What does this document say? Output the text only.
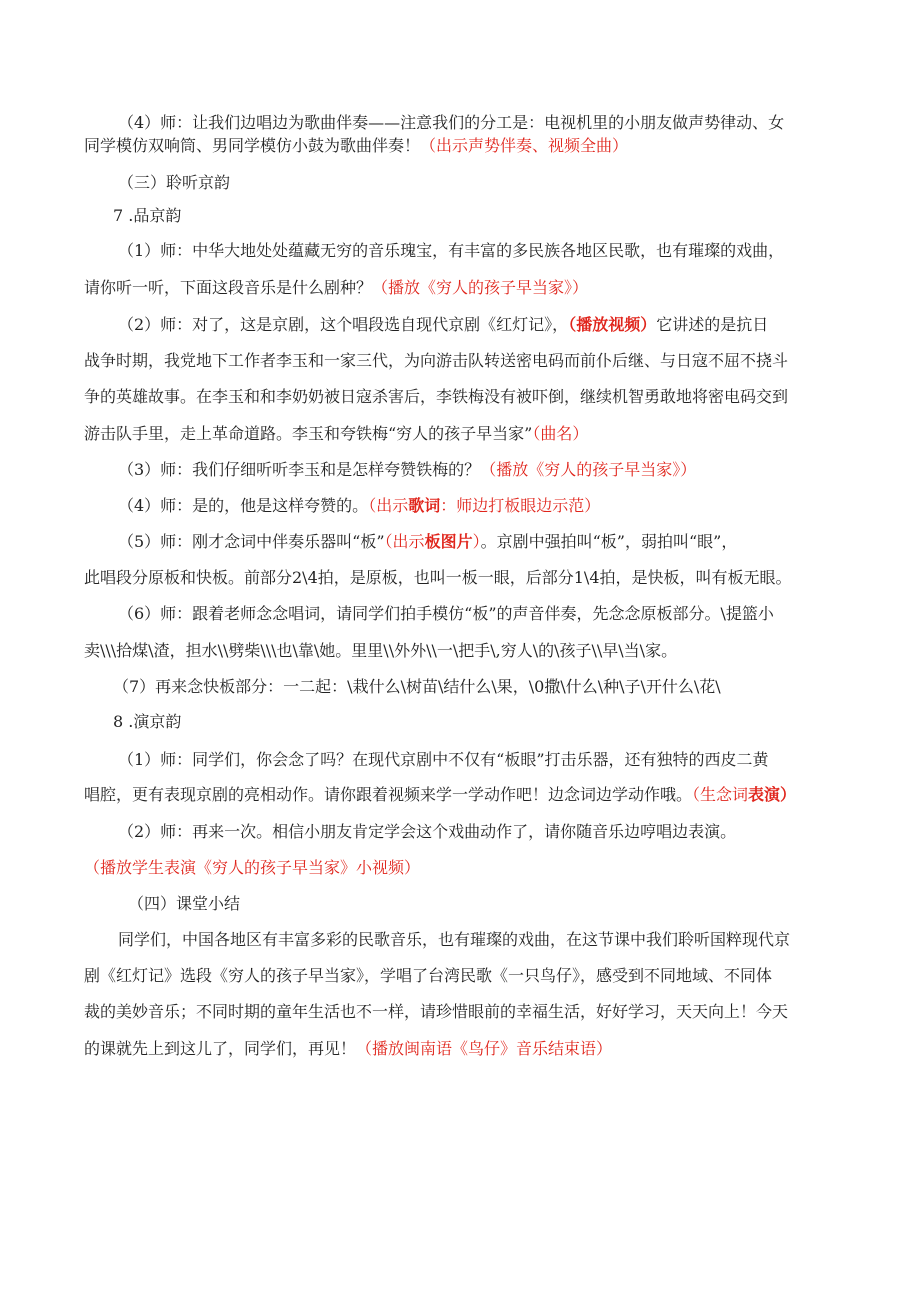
（4）师：让我们边唱边为歌曲伴奏——注意我们的分工是：电视机里的小朋友做声势律动、女
同学模仿双响筒、男同学模仿小鼓为歌曲伴奏！（出示声势伴奏、视频全曲）
（三）聆听京韵
7 .品京韵
（1）师：中华大地处处蕴藏无穷的音乐瑰宝，有丰富的多民族各地区民歌，也有璀璨的戏曲，
请你听一听，下面这段音乐是什么剧种？（播放《穷人的孩子早当家》）
（2）师：对了，这是京剧，这个唱段选自现代京剧《红灯记》，（播放视频）它讲述的是抗日
战争时期，我党地下工作者李玉和一家三代，为向游击队转送密电码而前仆后继、与日寇不屈不挠斗
争的英雄故事。在李玉和和李奶奶被日寇杀害后，李铁梅没有被吓倒，继续机智勇敢地将密电码交到
游击队手里，走上革命道路。李玉和夸铁梅“穷人的孩子早当家”（曲名）
（3）师：我们仔细听听李玉和是怎样夸赞铁梅的？（播放《穷人的孩子早当家》）
（4）师：是的，他是这样夸赞的。（出示歌词：师边打板眼边示范）
（5）师：刚才念词中伴奏乐器叫“板”（出示板图片）。京剧中强拍叫“板”，弱拍叫“眼”，
此唱段分原板和快板。前部分2\4拍，是原板，也叫一板一眼，后部分1\4拍，是快板，叫有板无眼。
（6）师：跟着老师念念唱词，请同学们拍手模仿“板”的声音伴奏，先念念原板部分。\提篮小
卖\\\拾煤\渣，担水\\劈柴\\\也\靠\她。里里\\外外\\一\把手\,穷人\的\孩子\\早\当\家。
（7）再来念快板部分：一二起：\栽什么\树苗\结什么\果，\0撒\什么\种\子\开什么\花\
8 .演京韵
（1）师：同学们，你会念了吗？在现代京剧中不仅有“板眼”打击乐器，还有独特的西皮二黄
唱腔，更有表现京剧的亮相动作。请你跟着视频来学一学动作吧！边念词边学动作哦。（生念词表演）
（2）师：再来一次。相信小朋友肯定学会这个戏曲动作了，请你随音乐边哼唱边表演。
（播放学生表演《穷人的孩子早当家》小视频）
（四）课堂小结
同学们，中国各地区有丰富多彩的民歌音乐，也有璀璨的戏曲，在这节课中我们聆听国粹现代京
剧《红灯记》选段《穷人的孩子早当家》，学唱了台湾民歌《一只鸟仔》，感受到不同地域、不同体
裁的美妙音乐；不同时期的童年生活也不一样，请珍惜眼前的幸福生活，好好学习，天天向上！今天
的课就先上到这儿了，同学们，再见！（播放闽南语《鸟仔》音乐结束语）
